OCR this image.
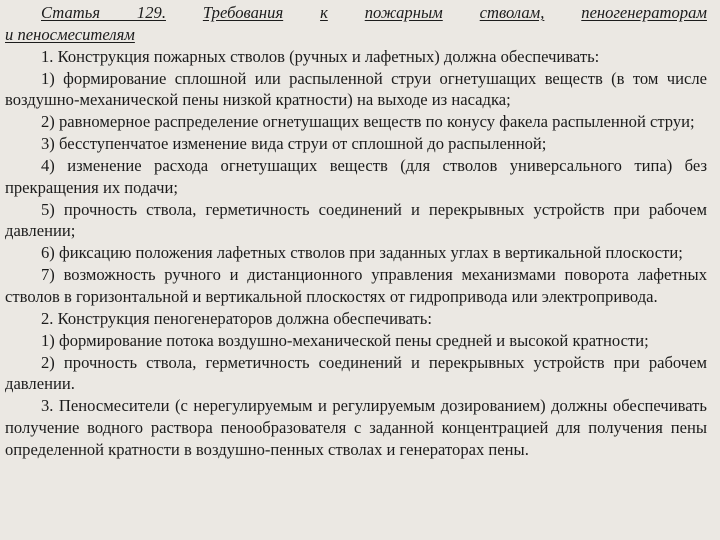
Статья 129. Требования к пожарным стволам, пеногенераторам

и пеносмесителям

1. Конструкция пожарных стволов (ручных и лафетных) должна обеспечивать:

1) формирование сплошной или распыленной струи огнетушащих веществ (в том числе воздушно-механической пены низкой кратности) на выходе из насадка;

2) равномерное распределение огнетушащих веществ по конусу факела распыленной струи;

3) бесступенчатое изменение вида струи от сплошной до распыленной;

4) изменение расхода огнетушащих веществ (для стволов универсального типа) без прекращения их подачи;

5) прочность ствола, герметичность соединений и перекрывных устройств при рабочем давлении;

6) фиксацию положения лафетных стволов при заданных углах в вертикальной плоскости;

7) возможность ручного и дистанционного управления механизмами поворота лафетных стволов в горизонтальной и вертикальной плоскостях от гидропривода или электропривода.

2. Конструкция пеногенераторов должна обеспечивать:

1) формирование потока воздушно-механической пены средней и высокой кратности;

2) прочность ствола, герметичность соединений и перекрывных устройств при рабочем давлении.

3. Пеносмесители (с нерегулируемым и регулируемым дозированием) должны обеспечивать получение водного раствора пенообразователя с заданной концентрацией для получения пены определенной кратности в воздушно-пенных стволах и генераторах пены.
